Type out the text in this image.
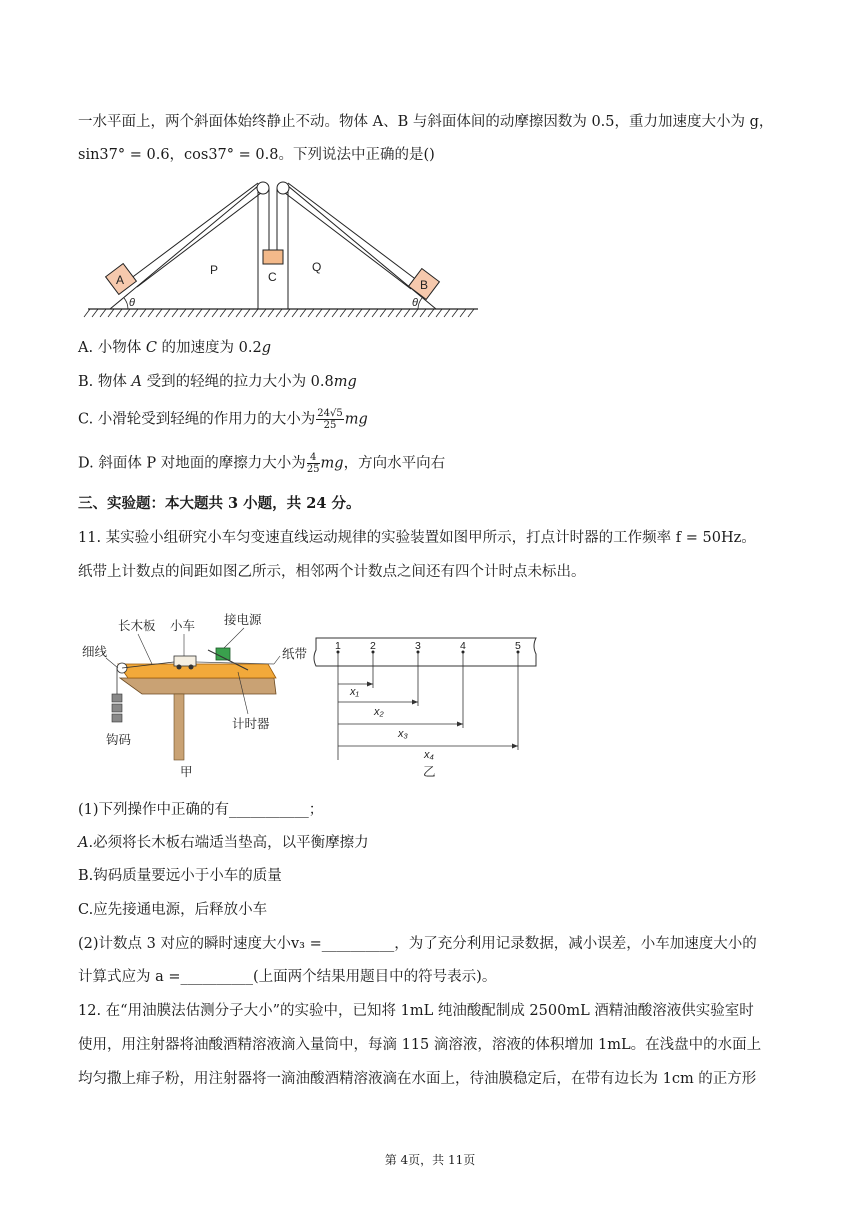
一水平面上，两个斜面体始终静止不动。物体 A、B 与斜面体间的动摩擦因数为 0.5，重力加速度大小为 g，
sin37° = 0.6，cos37° = 0.8。下列说法中正确的是()
A	B
C
P	Q
θ	θ
A. 小物体 C 的加速度为 0.2g
B. 物体 A 受到的轻绳的拉力大小为 0.8mg
C. 小滑轮受到轻绳的作用力的大小为 $\frac{24√5}{25}$ mg
D. 斜面体 P 对地面的摩擦力大小为 $\frac{4}{25}$ mg，方向水平向右
三、实验题：本大题共 3 小题，共 24 分。
11. 某实验小组研究小车匀变速直线运动规律的实验装置如图甲所示，打点计时器的工作频率 f = 50Hz。
纸带上计数点的间距如图乙所示，相邻两个计数点之间还有四个计时点未标出。
长木板 小车 接电源
细线	纸带
钩码
计时器
甲
1	2	3	4	5
x₁
x₂
x₃
x₄
乙
(1)下列操作中正确的有___________；
A.必须将长木板右端适当垫高，以平衡摩擦力
B.钩码质量要远小于小车的质量
C.应先接通电源，后释放小车
(2)计数点 3 对应的瞬时速度大小v₃ =__________，为了充分利用记录数据，减小误差，小车加速度大小的
计算式应为 a =__________(上面两个结果用题目中的符号表示)。
12. 在“用油膜法估测分子大小”的实验中，已知将 1mL 纯油酸配制成 2500mL 酒精油酸溶液供实验室时
使用，用注射器将油酸酒精溶液滴入量筒中，每滴 115 滴溶液，溶液的体积增加 1mL。在浅盘中的水面上
均匀撒上痱子粉，用注射器将一滴油酸酒精溶液滴在水面上，待油膜稳定后，在带有边长为 1cm 的正方形
第 4页，共 11页
